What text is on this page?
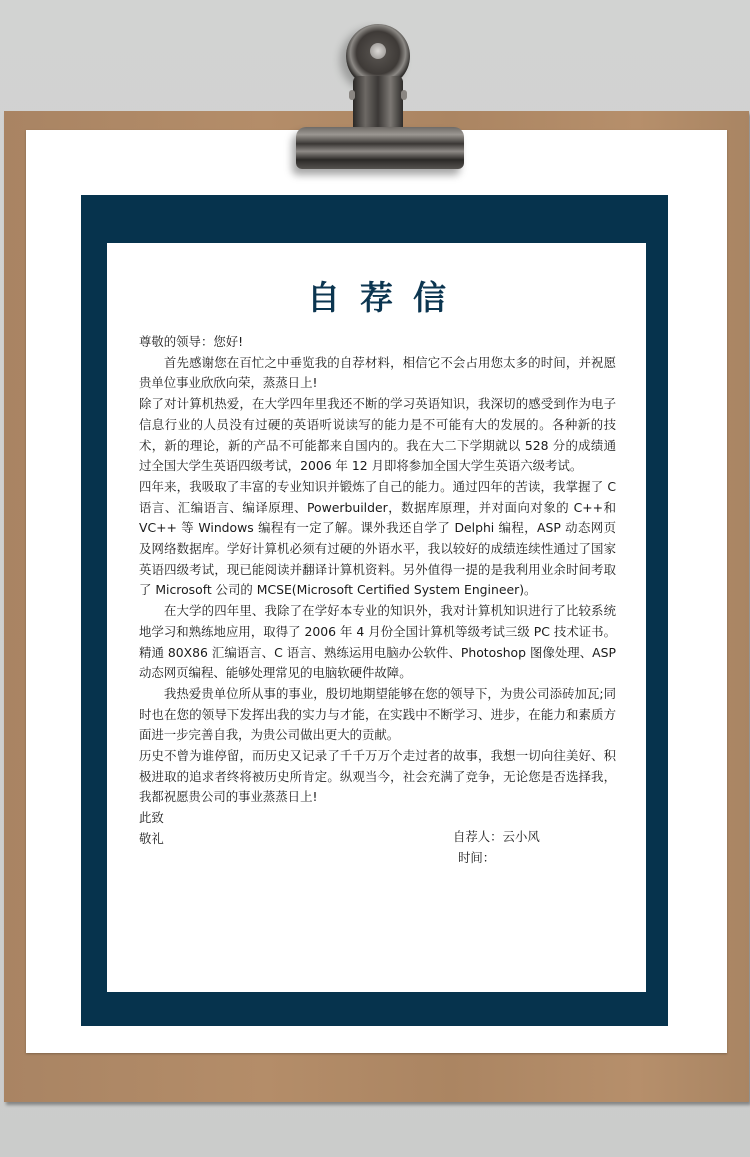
自荐信

尊敬的领导：您好!

首先感谢您在百忙之中垂览我的自荐材料，相信它不会占用您太多的时间，并祝愿贵单位事业欣欣向荣，蒸蒸日上!

除了对计算机热爱，在大学四年里我还不断的学习英语知识，我深切的感受到作为电子信息行业的人员没有过硬的英语听说读写的能力是不可能有大的发展的。各种新的技术，新的理论，新的产品不可能都来自国内的。我在大二下学期就以 528 分的成绩通过全国大学生英语四级考试，2006 年 12 月即将参加全国大学生英语六级考试。

四年来，我吸取了丰富的专业知识并锻炼了自己的能力。通过四年的苦读，我掌握了 C 语言、汇编语言、编译原理、Powerbuilder，数据库原理，并对面向对象的 C++和 VC++ 等 Windows 编程有一定了解。课外我还自学了 Delphi 编程，ASP 动态网页及网络数据库。学好计算机必须有过硬的外语水平，我以较好的成绩连续性通过了国家英语四级考试，现已能阅读并翻译计算机资料。另外值得一提的是我利用业余时间考取了 Microsoft 公司的 MCSE(Microsoft Certified System Engineer)。

在大学的四年里、我除了在学好本专业的知识外，我对计算机知识进行了比较系统地学习和熟练地应用，取得了 2006 年 4 月份全国计算机等级考试三级 PC 技术证书。精通 80X86 汇编语言、C 语言、熟练运用电脑办公软件、Photoshop 图像处理、ASP 动态网页编程、能够处理常见的电脑软硬件故障。

我热爱贵单位所从事的事业，殷切地期望能够在您的领导下，为贵公司添砖加瓦;同时也在您的领导下发挥出我的实力与才能，在实践中不断学习、进步，在能力和素质方面进一步完善自我，为贵公司做出更大的贡献。

历史不曾为谁停留，而历史又记录了千千万万个走过者的故事，我想一切向往美好、积极进取的追求者终将被历史所肯定。纵观当今，社会充满了竞争，无论您是否选择我，我都祝愿贵公司的事业蒸蒸日上!

此致

敬礼	自荐人：云小风
时间：
